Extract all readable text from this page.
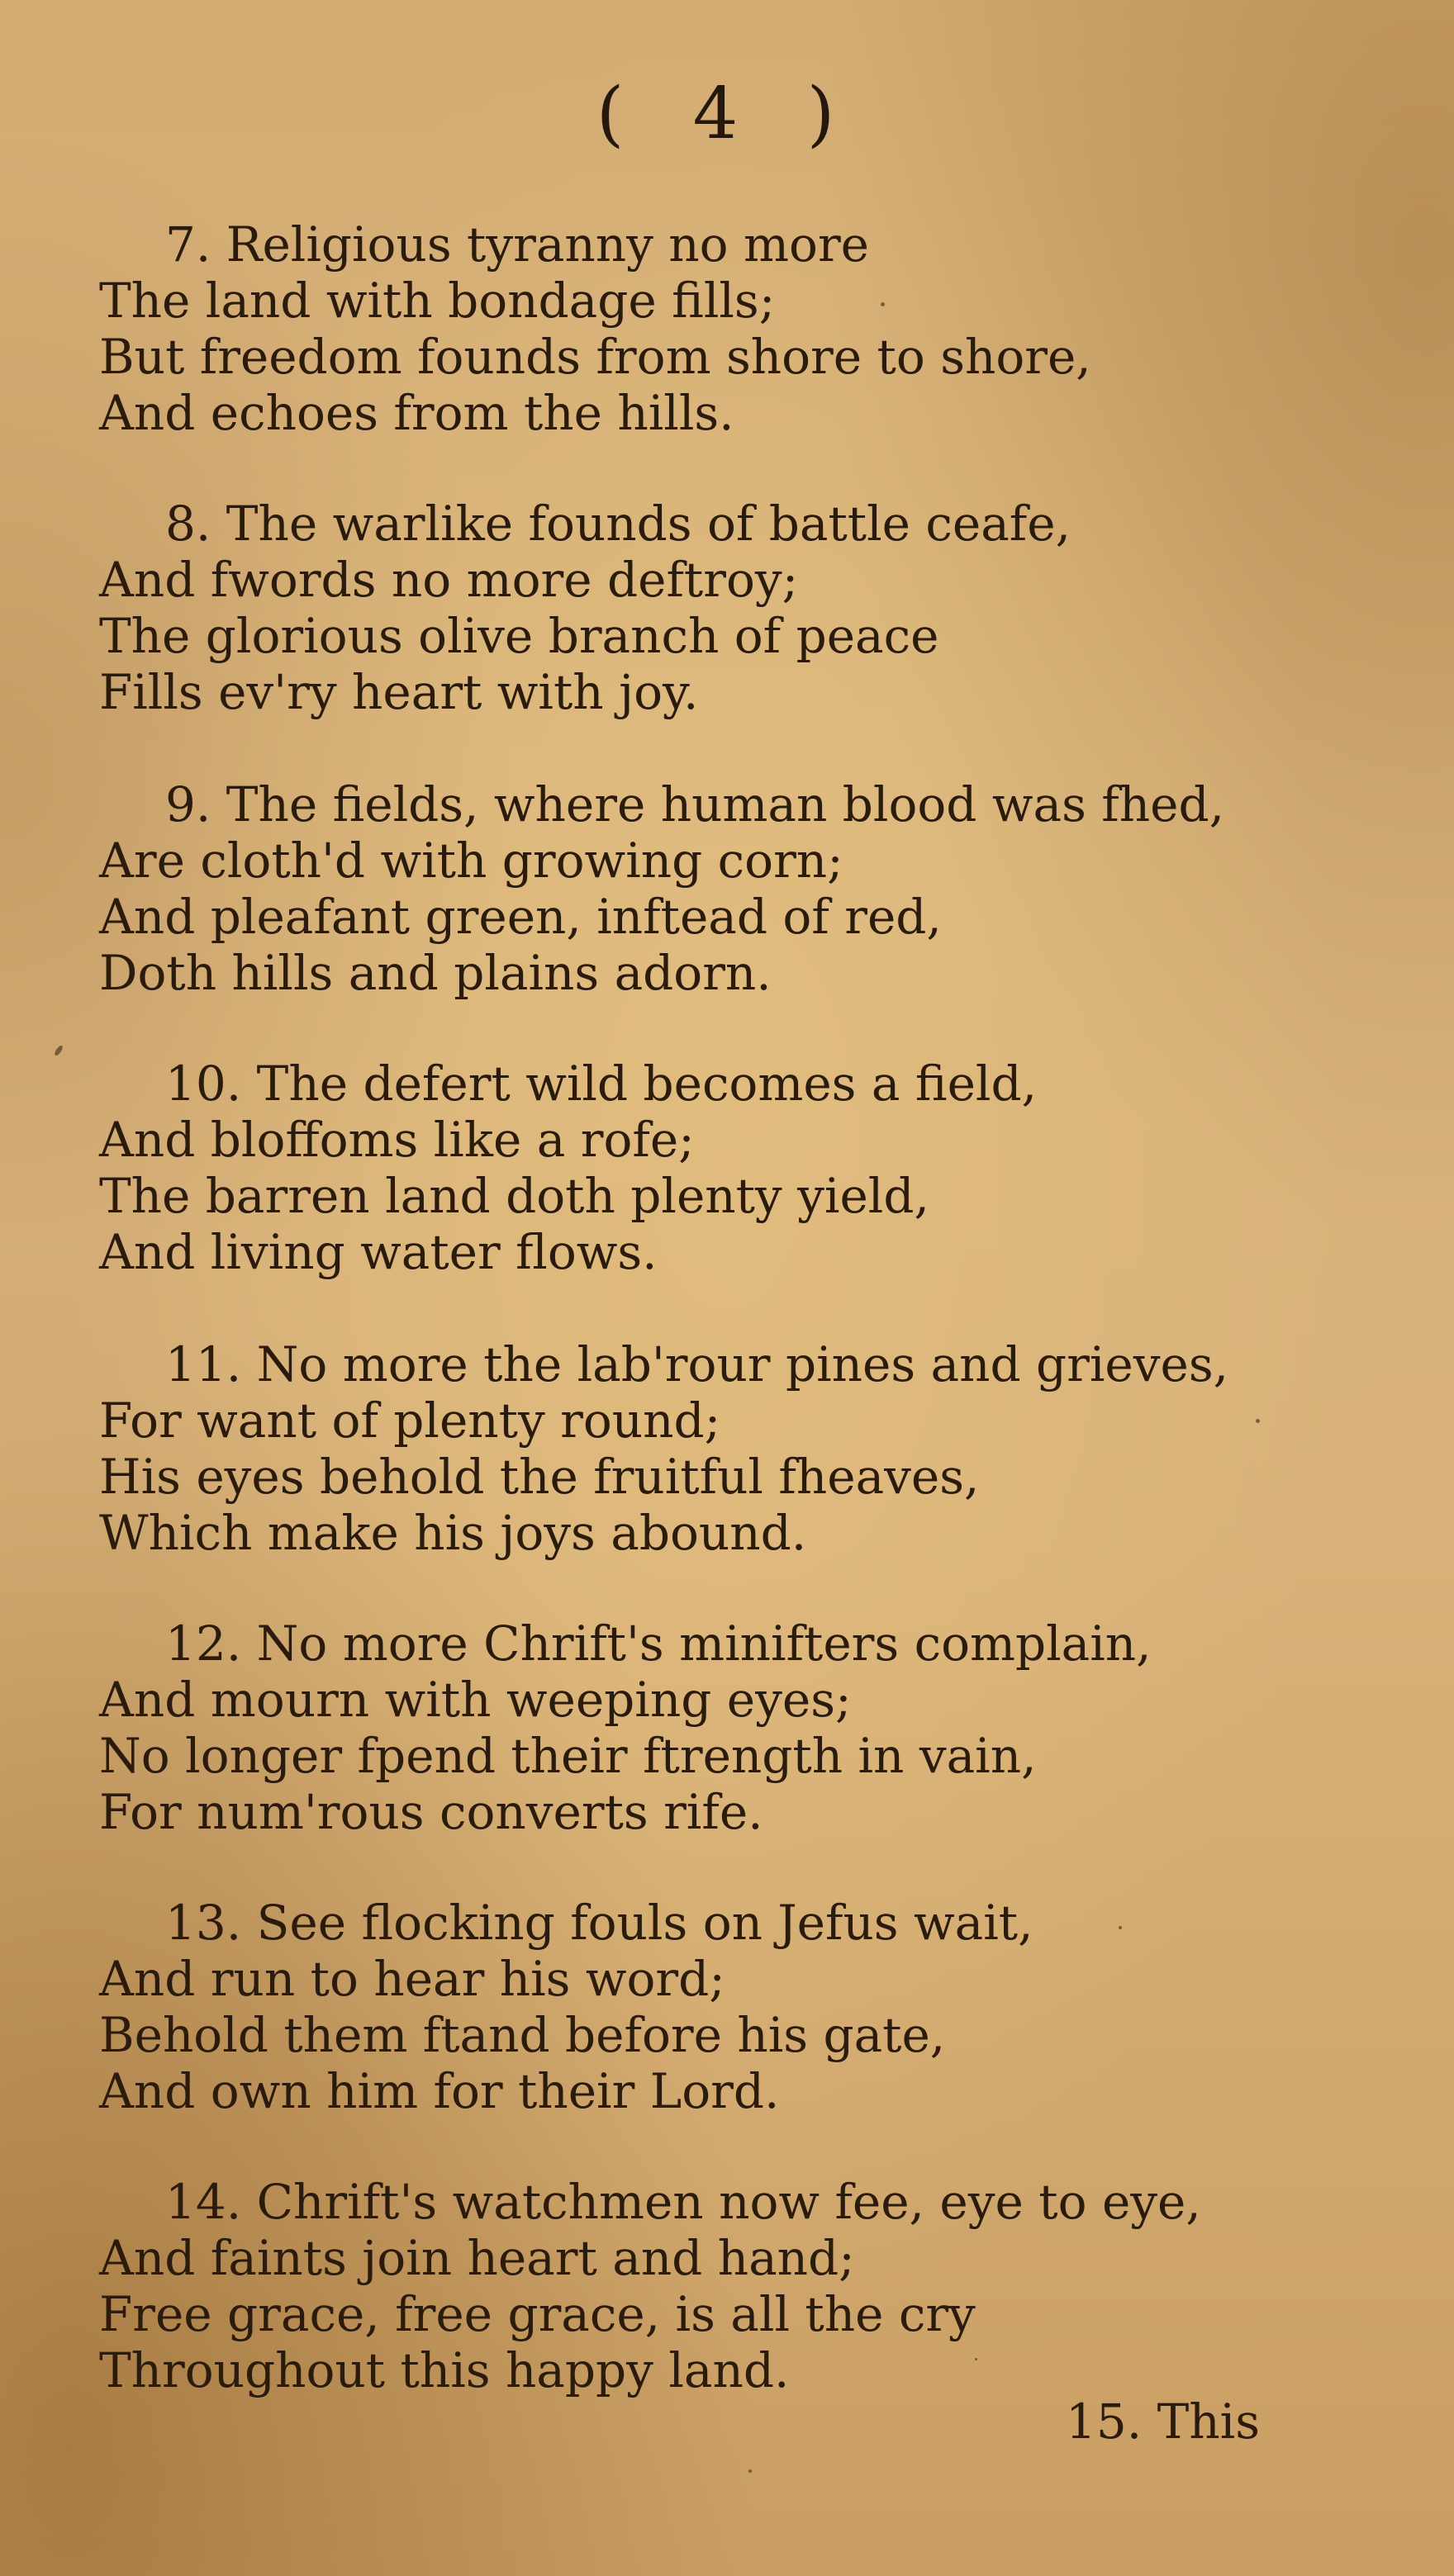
( 4 )
7. Religious tyranny no more
The land with bondage fills;
But freedom founds from shore to shore,
And echoes from the hills.
8. The warlike founds of battle ceafe,
And fwords no more deftroy;
The glorious olive branch of peace
Fills ev'ry heart with joy.
9. The fields, where human blood was fhed,
Are cloth'd with growing corn;
And pleafant green, inftead of red,
Doth hills and plains adorn.
10. The defert wild becomes a field,
And bloffoms like a rofe;
The barren land doth plenty yield,
And living water flows.
11. No more the lab'rour pines and grieves,
For want of plenty round;
His eyes behold the fruitful fheaves,
Which make his joys abound.
12. No more Chrift's minifters complain,
And mourn with weeping eyes;
No longer fpend their ftrength in vain,
For num'rous converts rife.
13. See flocking fouls on Jefus wait,
And run to hear his word;
Behold them ftand before his gate,
And own him for their Lord.
14. Chrift's watchmen now fee, eye to eye,
And faints join heart and hand;
Free grace, free grace, is all the cry
Throughout this happy land.
15. This
